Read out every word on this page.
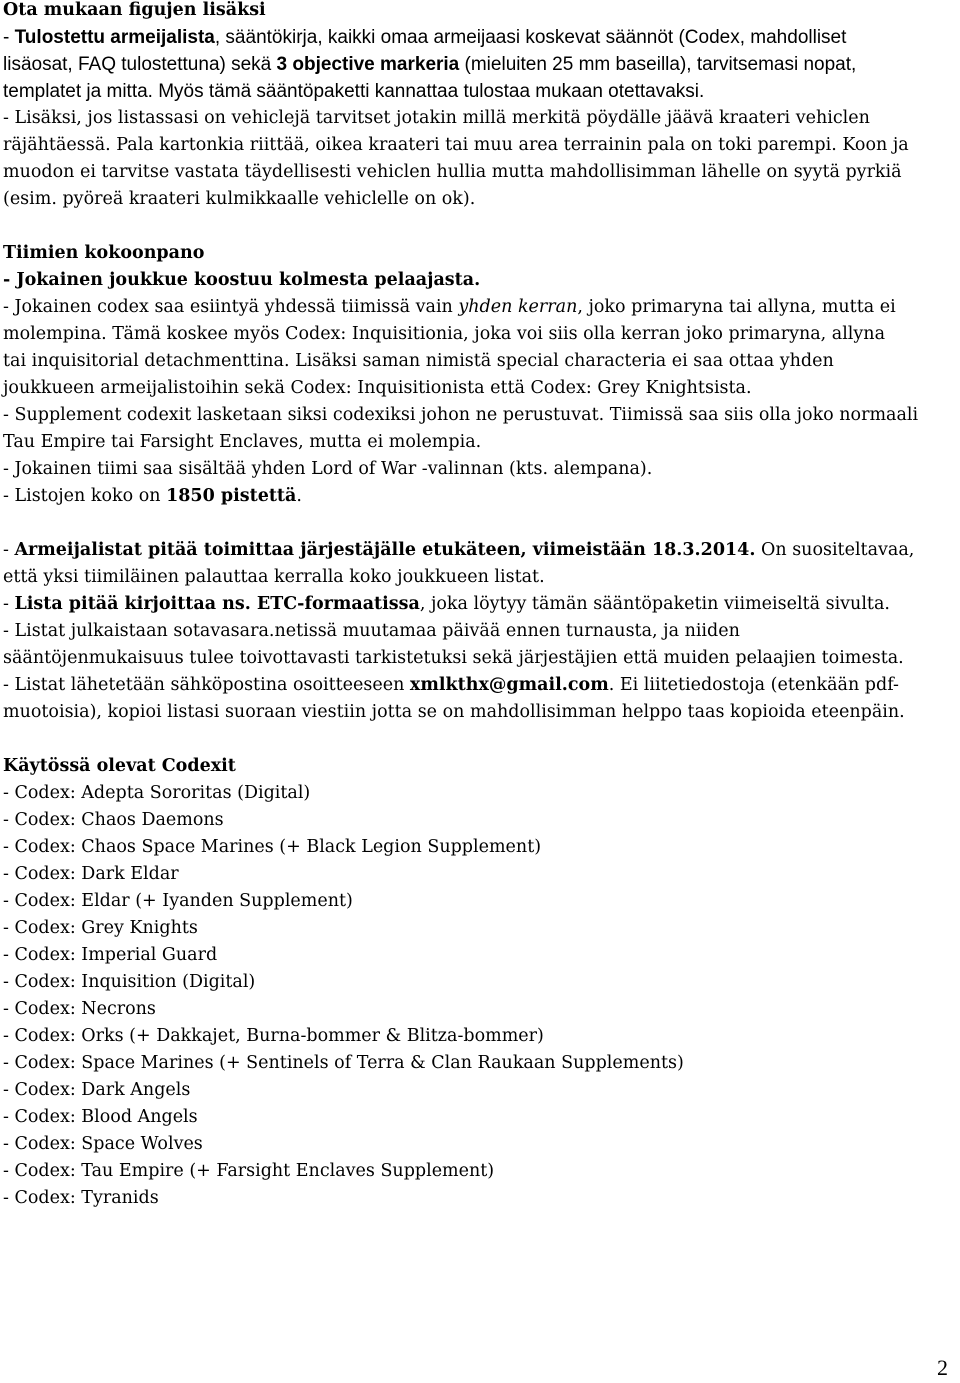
Ota mukaan figujen lisäksi
- Tulostettu armeijalista, sääntökirja, kaikki omaa armeijaasi koskevat säännöt (Codex, mahdolliset
lisäosat, FAQ tulostettuna) sekä 3 objective markeria (mieluiten 25 mm baseilla), tarvitsemasi nopat,
templatet ja mitta. Myös tämä sääntöpaketti kannattaa tulostaa mukaan otettavaksi.
- Lisäksi, jos listassasi on vehiclejä tarvitset jotakin millä merkitä pöydälle jäävä kraateri vehiclen
räjähtäessä. Pala kartonkia riittää, oikea kraateri tai muu area terrainin pala on toki parempi. Koon ja
muodon ei tarvitse vastata täydellisesti vehiclen hullia mutta mahdollisimman lähelle on syytä pyrkiä
(esim. pyöreä kraateri kulmikkaalle vehiclelle on ok).
Tiimien kokoonpano
- Jokainen joukkue koostuu kolmesta pelaajasta.
- Jokainen codex saa esiintyä yhdessä tiimissä vain yhden kerran, joko primaryna tai allyna, mutta ei
molempina. Tämä koskee myös Codex: Inquisitionia, joka voi siis olla kerran joko primaryna, allyna
tai inquisitorial detachmenttina. Lisäksi saman nimistä special characteria ei saa ottaa yhden
joukkueen armeijalistoihin sekä Codex: Inquisitionista että Codex: Grey Knightsista.
- Supplement codexit lasketaan siksi codexiksi johon ne perustuvat. Tiimissä saa siis olla joko normaali
Tau Empire tai Farsight Enclaves, mutta ei molempia.
- Jokainen tiimi saa sisältää yhden Lord of War -valinnan (kts. alempana).
- Listojen koko on 1850 pistettä.
- Armeijalistat pitää toimittaa järjestäjälle etukäteen, viimeistään 18.3.2014. On suositeltavaa,
että yksi tiimiläinen palauttaa kerralla koko joukkueen listat.
- Lista pitää kirjoittaa ns. ETC-formaatissa, joka löytyy tämän sääntöpaketin viimeiseltä sivulta.
- Listat julkaistaan sotavasara.netissä muutamaa päivää ennen turnausta, ja niiden
sääntöjenmukaisuus tulee toivottavasti tarkistetuksi sekä järjestäjien että muiden pelaajien toimesta.
- Listat lähetetään sähköpostina osoitteeseen xmlkthx@gmail.com. Ei liitetiedostoja (etenkään pdf-
muotoisia), kopioi listasi suoraan viestiin jotta se on mahdollisimman helppo taas kopioida eteenpäin.
Käytössä olevat Codexit
- Codex: Adepta Sororitas (Digital)
- Codex: Chaos Daemons
- Codex: Chaos Space Marines (+ Black Legion Supplement)
- Codex: Dark Eldar
- Codex: Eldar (+ Iyanden Supplement)
- Codex: Grey Knights
- Codex: Imperial Guard
- Codex: Inquisition (Digital)
- Codex: Necrons
- Codex: Orks (+ Dakkajet, Burna-bommer & Blitza-bommer)
- Codex: Space Marines (+ Sentinels of Terra & Clan Raukaan Supplements)
- Codex: Dark Angels
- Codex: Blood Angels
- Codex: Space Wolves
- Codex: Tau Empire (+ Farsight Enclaves Supplement)
- Codex: Tyranids
2
